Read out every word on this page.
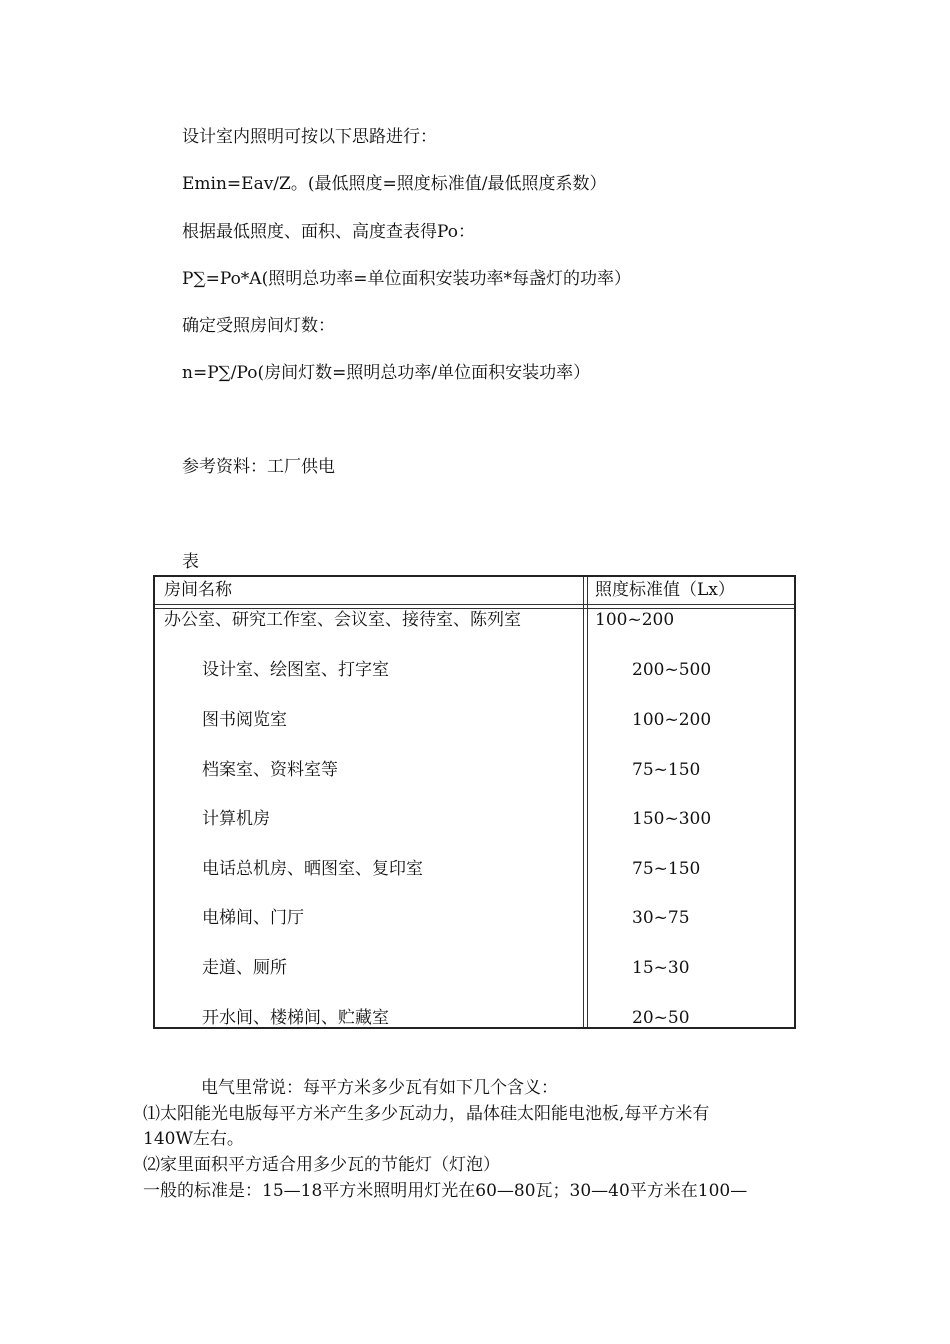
设计室内照明可按以下思路进行：
Emin=Eav/Z。(最低照度=照度标准值/最低照度系数）
根据最低照度、面积、高度查表得Po：
P∑=Po*A(照明总功率=单位面积安装功率*每盏灯的功率）
确定受照房间灯数：
n=P∑/Po(房间灯数=照明总功率/单位面积安装功率）
参考资料：工厂供电
表
房间名称	照度标准值（Lx）
办公室、研究工作室、会议室、接待室、陈列室	100~200
设计室、绘图室、打字室	200~500
图书阅览室	100~200
档案室、资料室等	75~150
计算机房	150~300
电话总机房、晒图室、复印室	75~150
电梯间、门厅	30~75
走道、厕所	15~30
开水间、楼梯间、贮藏室	20~50
电气里常说：每平方米多少瓦有如下几个含义：
⑴太阳能光电版每平方米产生多少瓦动力，晶体硅太阳能电池板,每平方米有
140W左右。
⑵家里面积平方适合用多少瓦的节能灯（灯泡）
一般的标准是：15—18平方米照明用灯光在60—80瓦；30—40平方米在100—
